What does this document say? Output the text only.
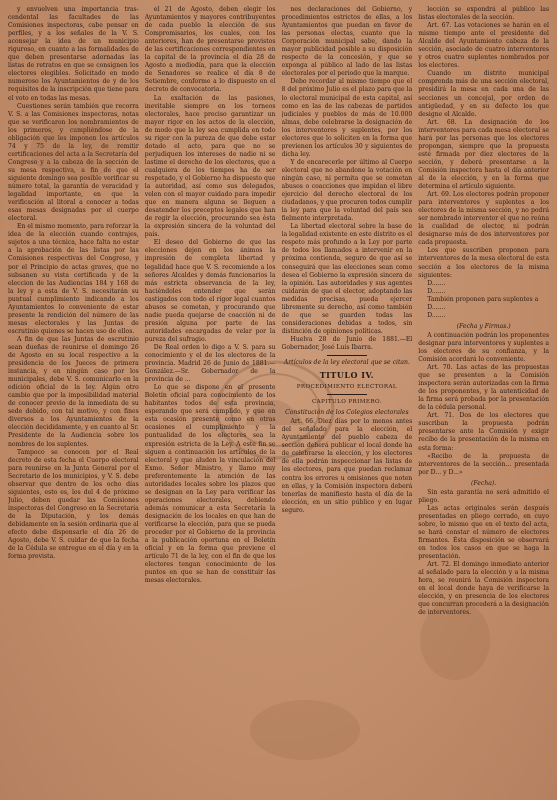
y envuelven una importancia tras-cendental las facultades de las Comisiones inspectoras, cabe pensar en perfiles, y a los señales de la V. S. aconsejar la idea de un municipio riguroso, en cuanto a las formalidades de que deben presentarse adornadas las listas de retratos en que se consignen los electores elegibles. Solicitado en modo numeroso los Ayuntamientos de y de los requisitos de la inscripción que tiene para el voto en todas las mesas.

Cuestiones serán también que recorra V. S. a las Comisiones inspectoras, notas que se verificaron los nombramientos de los primeros, y cumpliéndose de la obligación que les imponen los artículos 74 y 75 de la ley, de remitir certificaciones del acta a la Secretaría del Congreso y a la cabeza de la sección de su mesa respectiva, a fin de que el siguiente domingo sea posible verificar su número total, la garantía de veracidad y legalidad importante, en que la verificación al litoral a conocer a todas esas mesas designadas por el cuerpo electoral.

En el mismo momento, para reforzar la idea de la elección cuando contrajes, sujetos a una técnica, hace falta no estar a la aprobación de las listas por las Comisiones respectivas del Congreso, y por el Principio de actas graves, que no subsanen su vista certificada y de la eleccion de las Audiencias 184 y 168 de la ley y a esta de V. S. necesitarán su puntual cumplimiento indicando a los Ayuntamientos lo conveniente de estar presente la rendición del número de las mesas electorales y las Juntas de escrutinio quienes se hacen uso de ellos.

A fin de que las Juntas de escrutinio sean dueñas de reunirse el domingo 26 de Agosto en su local respectivo a la presidencia de los Jueces de primera instancia, y en ningún caso por los municipales, debe V. S. comunicarlo en la edición oficial de la ley. Algún otro cambio que por la imposibilidad material de conocer previo de la inmediata de su sede debido, con tal motivo, y con fines diversos a los Ayuntamientos de la elección decididamente, y en cuanto al Sr. Presidente de la Audiencia sobre los nombres de los suplentes.

Tampoco se conocen por el Real decreto de esta fecha el Cuerpo electoral para reunirse en la Junta General por el Secretario de los municipios, y V. S. debe observar que dentro de los ocho días siguientes, esto es, los del 4 de próximo Julio, deben quedar las Comisiones inspectoras del Congreso en la Secretaría de la Diputación, y los demás debidamente en la sesión ordinaria que al efecto debe dispensarle el día 26 de Agosto, debe V. S. cuidar de que la fecha de la Cédula se entregue en el día y en la forma prevista.

el 21 de Agosto, deben elegir los Ayuntamientos y mayores contribuyentes de cada pueblo la elección de sus Compromisarios, los cuales, con los anteriores, han de presentarse provistos de las certificaciones correspondientes en la capital de la provincia el día 28 de Agosto a mediodía, para que la elección de Senadores se realice el día 8 de Setiembre, conforme a lo dispuesto en el decreto de convocatoria.

La exaltación de las pasiones, inevitable siempre en los torneos electorales, hace preciso garantizar un mayor rigor en los actos de la elección, de modo que la ley sea cumplida en todo su rigor con la pureza de que debe estar dotado el acto, para que no se perjudiquen los intereses de nadie ni se lastime el derecho de los electores, que a cualquiera de los tiempos ha de ser respetado, y el Gobierno ha dispuesto que la autoridad, así como sus delegados, velen con el mayor cuidado para impedir que en manera alguna se lleguen a desatender los preceptos legales que han de regir la elección, procurando sea ésta la expresión sincera de la voluntad del país.

El deseo del Gobierno de que las elecciones dejen en los ánimos la impresión de completa libertad y legalidad hace que V. S. recomiende a los señores Alcaldes y demás funcionarios la más estricta observancia de la ley, haciéndoles entender que serán castigados con todo el rigor legal cuantos abusos se cometan, y procurando que nadie pueda quejarse de coacción ni de presión alguna por parte de las autoridades encargadas de velar por la pureza del sufragio.

De Real orden lo digo a V. S. para su conocimiento y el de los electores de la provincia. Madrid 26 de Junio de 1881.—González.—Sr. Gobernador de la provincia de ...

Lo que se dispone en el presente Boletín oficial para conocimiento de los habitantes todos de esta provincia, esperando que será cumplido, y que en esta ocasión presente como en otras ocasiones el cumplimiento y la puntualidad de los electores sea la expresión estricta de la Ley. A este fin se siguen a continuación los artículos de la electoral y que aluden la vinculación del Exmo. Señor Ministro, y llamo muy preferentemente la atención de las autoridades locales sobre los plazos que se designan en la Ley para verificar las operaciones electorales, debiendo además comunicar a esta Secretaría la designación de los locales en que han de verificarse la elección, para que se pueda proceder por el Gobierno de la provincia a la publicación oportuna en el Boletín oficial y en la forma que previene el artículo 71 de la ley, con el fin de que los electores tengan conocimiento de los puntos en que se han de constituir las mesas electorales.

nes declaraciones del Gobierno, y procedimientos estrictos de ellas, a los Ayuntamientos que puedan en favor de las personas electas, cuanto que la Corporación municipal sabe, dando la mayor publicidad posible a su disposición respecto de la concesión, y que se exponga al público al lado de las listas electorales por el periodo que la marque.

Debo recordar al mismo tiempo que el 8 del próximo Julio es el plazo para que la lo electoral municipal de esta capital, así como en las de las cabezas de partidos judiciales y pueblos de más de 10.000 almas, debe celebrarse la designación de los interventores y suplentes, por los electores que lo soliciten en la forma que previenen los artículos 30 y siguientes de dicha ley.

Y de encarecerle por último al Cuerpo electoral que no abandone la votación en ningún caso, ni permita que se cometan abusos o coacciones que impidan el libre ejercicio del derecho electoral de los ciudadanos, y que procuren todos cumplir la ley para que la voluntad del país sea fielmente interpretada.

La libertad electoral sobre la base de la legalidad existente en este distrito es el respeto más profundo a la Ley por parte de todos los llamados a intervenir en la próxima contienda, seguro de que así se conseguirá que las elecciones sean como desea el Gobierno la expresión sincera de la opinión. Las autoridades y sus agentes cuidarán de que el elector, adoptando las medidas precisas, pueda ejercer libremente su derecho, así como también de que se guarden todas las consideraciones debidas a todos, sin distinción de opiniones políticas.

Huelva 28 de Junio de 1881.—El Gobernador, José Luis Ibarra.

Artículos de la ley electoral que se citan.
TITULO IV.
PROCEDIMIENTO ELECTORAL
CAPITULO PRIMERO.
Constitución de los Colegios electorales

Art. 66. Diez días por lo menos antes del señalado para la elección, el Ayuntamiento del pueblo cabeza de sección deberá publicar el local donde ha de celebrarse la elección, y los electores de ella podrán inspeccionar las listas de los electores, para que puedan reclamar contra los errores u omisiones que noten en ellas, y la Comisión inspectora deberá tenerlas de manifiesto hasta el día de la elección, en un sitio público y en lugar seguro.

lección se expondrá al público las listas electorales de la sección.

Art. 67. Las votaciones se harán en el mismo tiempo ante el presidente del Alcalde del Ayuntamiento cabeza de la sección, asociado de cuatro interventores y otros cuatro suplentes nombrados por los electores.

Cuando un distrito municipal comprenda más de una sección electoral, presidirá la mesa en cada una de las secciones un concejal, por orden de antigüedad, y en su defecto los que designe el Alcalde.

Art. 68. La designación de los interventores para cada mesa electoral se hará por las personas que los electores propongan, siempre que la propuesta esté firmada por diez electores de la sección, y deberá presentarse a la Comisión inspectora hasta el día anterior al de la elección, y en la forma que determina el artículo siguiente.

Art. 69. Los electores podrán proponer para interventores y suplentes a los electores de la misma sección, y no podrá ser nombrado interventor el que no reúna la cualidad de elector, ni podrán designarse más de dos interventores por cada propuesta.

Los que suscriben proponen para interventores de la mesa electoral de esta sección a los electores de la misma siguientes:

D.......

D.......

También proponen para suplentes a

D.......

D.......

(Fecha y Firmas.)

A continuación podrán los proponentes designar para interventores y suplentes a los electores de su confianza, y la Comisión acordará lo conveniente.

Art. 70. Las actas de las propuestas que se presenten a la Comisión inspectora serán autorizadas con la firma de los proponentes, y la autenticidad de la firma será probada por la presentación de la cédula personal.

Art. 71. Dos de los electores que suscriban la propuesta podrán presentarse ante la Comisión y exigir recibo de la presentación de la misma en esta forma:

«Recibo de la propuesta de interventores de la sección... presentada por D... y D...»

(Fecha).

Sin esta garantía no será admitido el pliego.

Las actas originales serán después presentadas en pliego cerrado, en cuyo sobre, lo mismo que en el texto del acta, se hará constar el número de electores firmantes. Ésta disposición se observará en todos los casos en que se haga la presentación.

Art. 72. El domingo inmediato anterior al señalado para la elección y a la misma hora, se reunirá la Comisión inspectora en el local donde haya de verificarse la elección, y en presencia de los electores que concurran procederá a la designación de interventores.
